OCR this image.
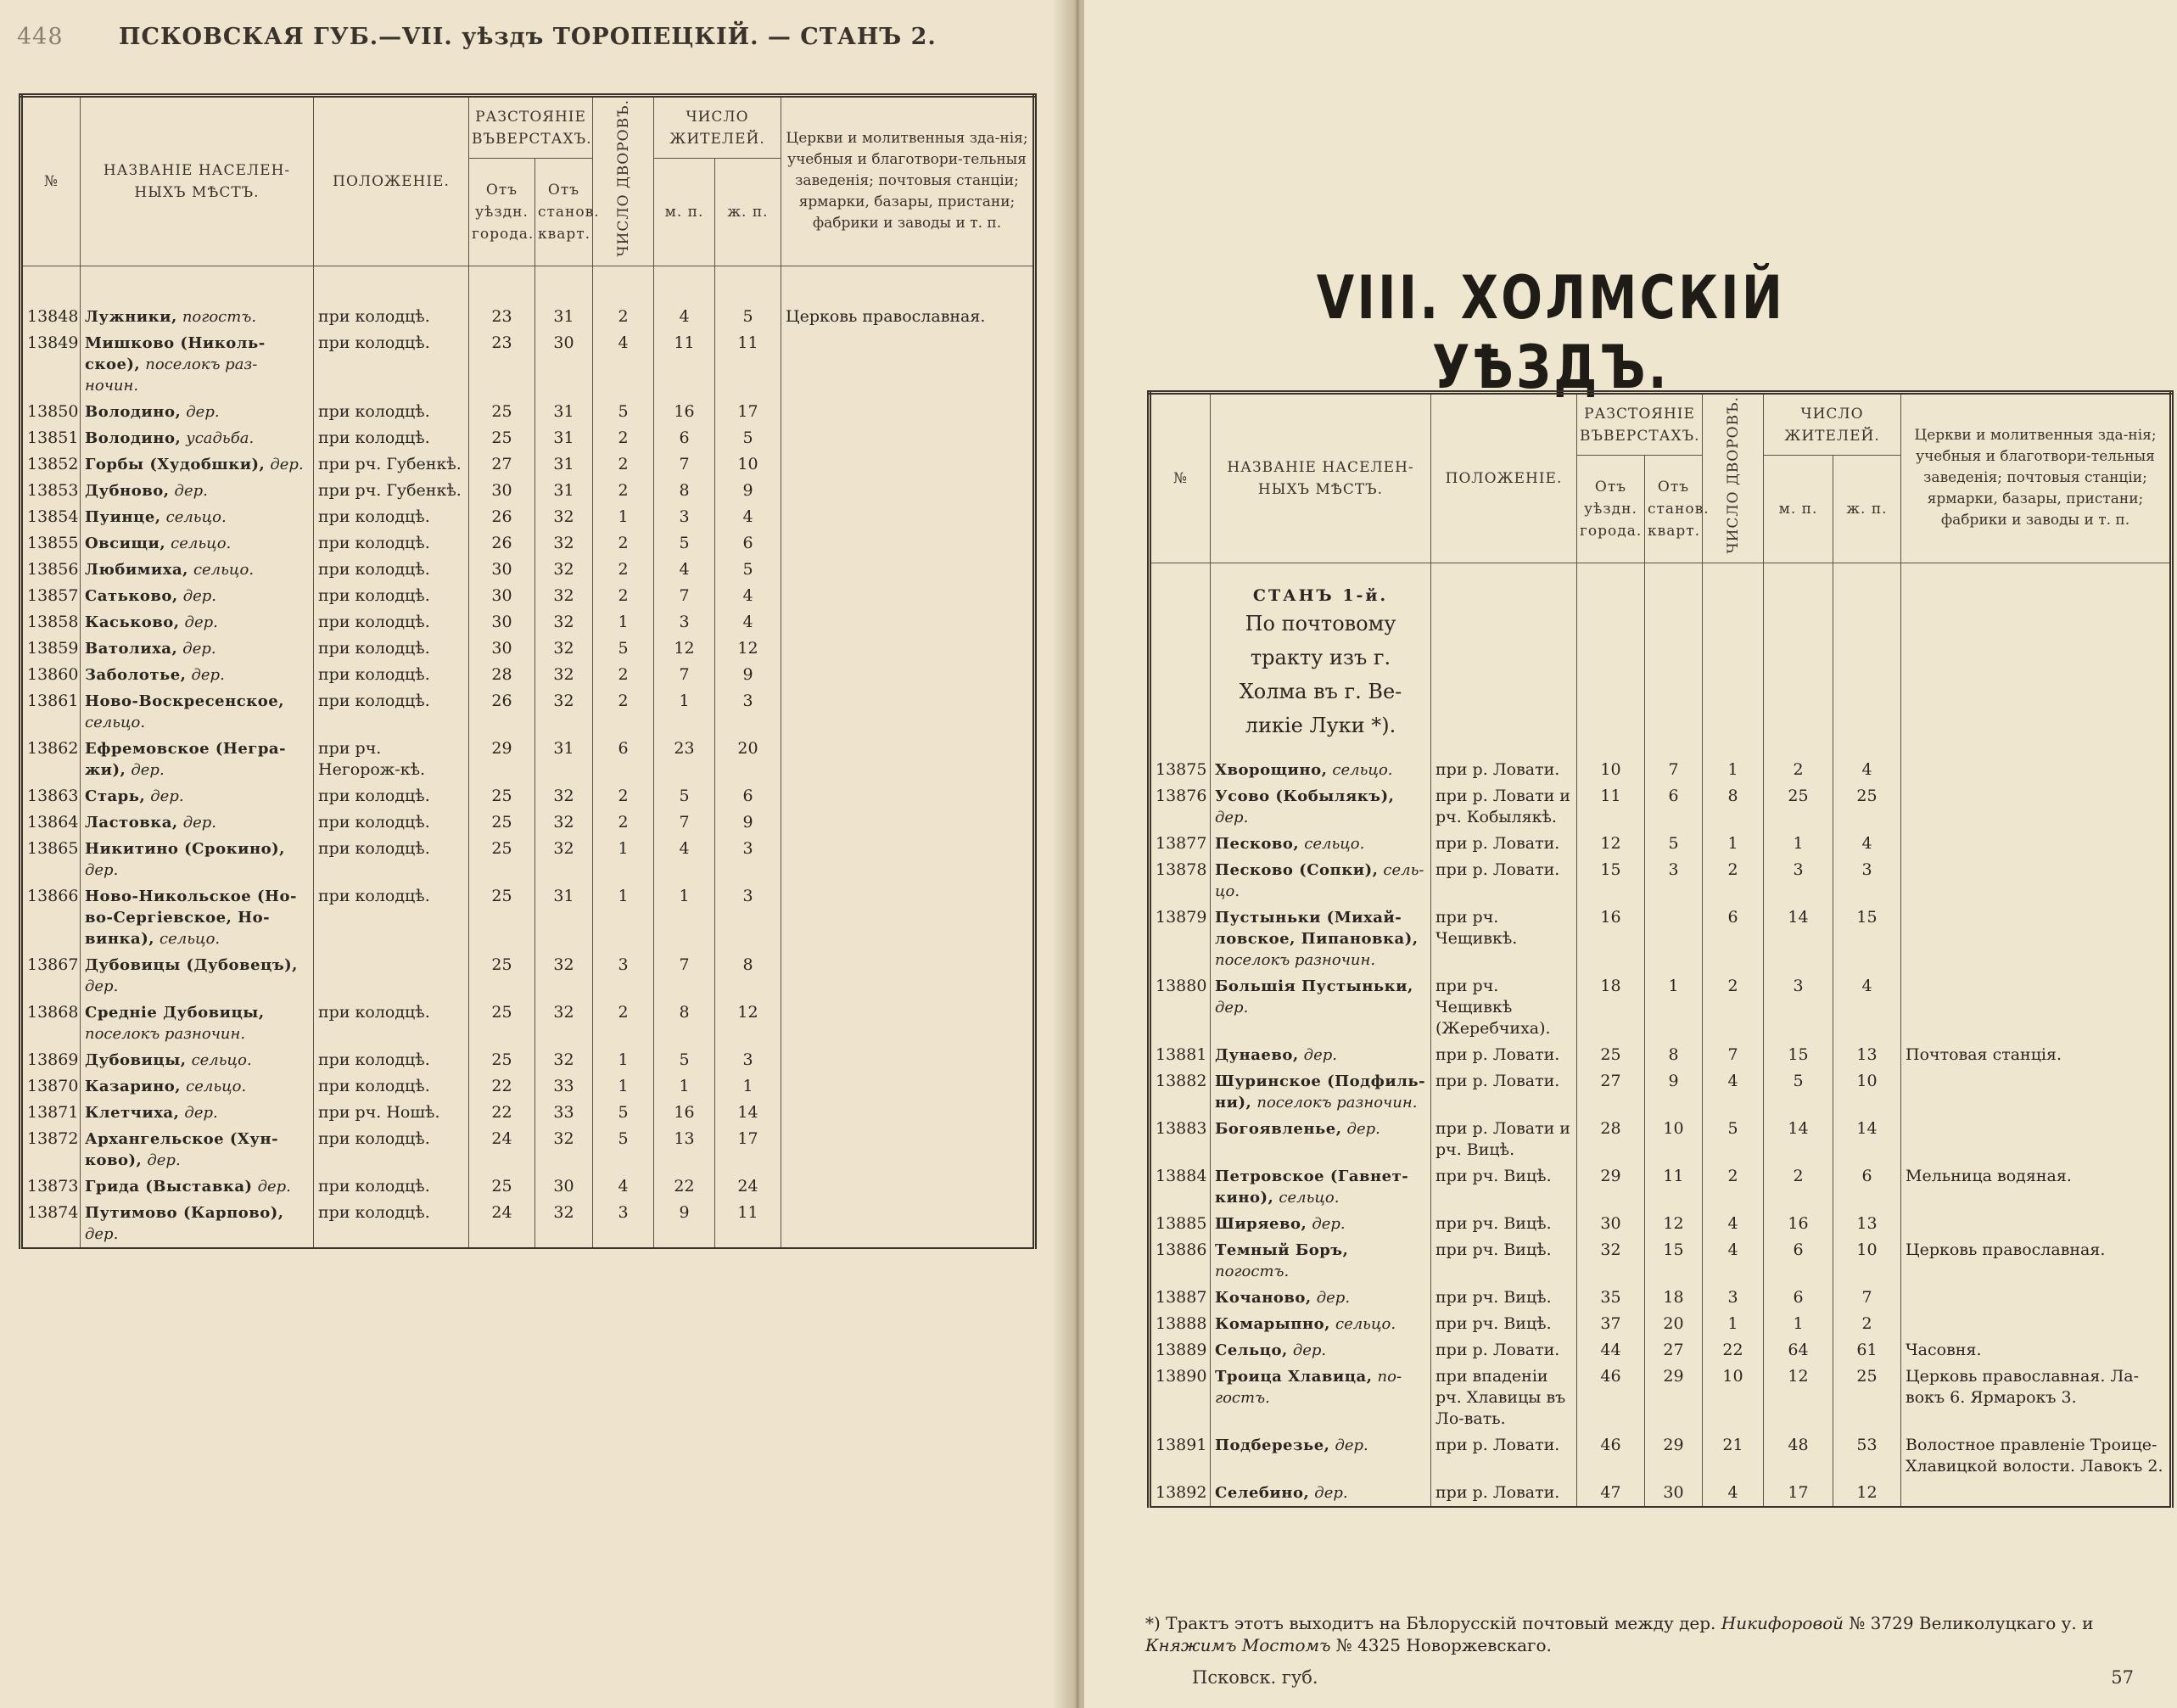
448	ПСКОВСКАЯ ГУБ.—VII. уѣздъ ТОРОПЕЦКІЙ. — СТАНЪ 2.
№	НАЗВАНІЕ НАСЕЛЕН-НЫХЪ МѢСТЪ.	ПОЛОЖЕНІЕ.	РАЗСТОЯНІЕ ВЪВЕРСТАХЪ.		ЧИСЛО ДВОРОВЪ.	ЧИСЛО ЖИТЕЛЕЙ.		Церкви и молитвенныя зда-нія; учебныя и благотвори-тельныя заведенія; почтовыя станціи; ярмарки, базары, пристани; фабрики и заводы и т. п.
			Отъ уѣздн. города.	Отъ станов. кварт.		м. п.	ж. п.	

13848	Лужники, погостъ.	при колодцѣ.	23	31	2	4	5	Церковь православная.
13849	Мишково (Николь-ское), поселокъ раз-ночин.	при колодцѣ.	23	30	4	11	11	
13850	Володино, дер.	при колодцѣ.	25	31	5	16	17	
13851	Володино, усадьба.	при колодцѣ.	25	31	2	6	5	
13852	Горбы (Худобшки), дер.	при рч. Губенкѣ.	27	31	2	7	10	
13853	Дубново, дер.	при рч. Губенкѣ.	30	31	2	8	9	
13854	Пуинце, сельцо.	при колодцѣ.	26	32	1	3	4	
13855	Овсищи, сельцо.	при колодцѣ.	26	32	2	5	6	
13856	Любимиха, сельцо.	при колодцѣ.	30	32	2	4	5	
13857	Сатьково, дер.	при колодцѣ.	30	32	2	7	4	
13858	Каськово, дер.	при колодцѣ.	30	32	1	3	4	
13859	Ватолиха, дер.	при колодцѣ.	30	32	5	12	12	
13860	Заболотье, дер.	при колодцѣ.	28	32	2	7	9	
13861	Ново-Воскресенское, сельцо.	при колодцѣ.	26	32	2	1	3	
13862	Ефремовское (Негра-жи), дер.	при рч. Негорож-кѣ.	29	31	6	23	20	
13863	Старь, дер.	при колодцѣ.	25	32	2	5	6	
13864	Ластовка, дер.	при колодцѣ.	25	32	2	7	9	
13865	Никитино (Срокино), дер.	при колодцѣ.	25	32	1	4	3	
13866	Ново-Никольское (Но-во-Сергіевское, Но-винка), сельцо.	при колодцѣ.	25	31	1	1	3	
13867	Дубовицы (Дубовецъ), дер.		25	32	3	7	8	
13868	Средніе Дубовицы, поселокъ разночин.	при колодцѣ.	25	32	2	8	12	
13869	Дубовицы, сельцо.	при колодцѣ.	25	32	1	5	3	
13870	Казарино, сельцо.	при колодцѣ.	22	33	1	1	1	
13871	Клетчиха, дер.	при рч. Ношѣ.	22	33	5	16	14	
13872	Архангельское (Хун-ково), дер.	при колодцѣ.	24	32	5	13	17	
13873	Грида (Выставка) дер.	при колодцѣ.	25	30	4	22	24	
13874	Путимово (Карпово), дер.	при колодцѣ.	24	32	3	9	11	
VIII. ХОЛМСКІЙ УѢЗДЪ.
№	НАЗВАНІЕ НАСЕЛЕН-НЫХЪ МѢСТЪ.	ПОЛОЖЕНІЕ.	РАЗСТОЯНІЕ ВЪВЕРСТАХЪ.		ЧИСЛО ДВОРОВЪ.	ЧИСЛО ЖИТЕЛЕЙ.		Церкви и молитвенныя зда-нія; учебныя и благотвори-тельныя заведенія; почтовыя станціи; ярмарки, базары, пристани; фабрики и заводы и т. п.
			Отъ уѣздн. города.	Отъ станов. кварт.		м. п.	ж. п.	

	СТАНЪ 1-й.
По почтовому тракту изъ г. Холма въ г. Ве-ликіе Луки *).							

13875	Хворощино, сельцо.	при р. Ловати.	10	7	1	2	4	
13876	Усово (Кобылякъ), дер.	при р. Ловати и рч. Кобылякѣ.	11	6	8	25	25	
13877	Песково, сельцо.	при р. Ловати.	12	5	1	1	4	
13878	Песково (Сопки), сель-цо.	при р. Ловати.	15	3	2	3	3	
13879	Пустыньки (Михай-ловское, Пипановка), поселокъ разночин.	при рч. Чещивкѣ.	16		6	14	15	
13880	Большія Пустыньки, дер.	при рч. Чещивкѣ (Жеребчиха).	18	1	2	3	4	
13881	Дунаево, дер.	при р. Ловати.	25	8	7	15	13	Почтовая станція.
13882	Шуринское (Подфиль-ни), поселокъ разночин.	при р. Ловати.	27	9	4	5	10	
13883	Богоявленье, дер.	при р. Ловати и рч. Вицѣ.	28	10	5	14	14	
13884	Петровское (Гавнет-кино), сельцо.	при рч. Вицѣ.	29	11	2	2	6	Мельница водяная.
13885	Ширяево, дер.	при рч. Вицѣ.	30	12	4	16	13	
13886	Темный Боръ, погостъ.	при рч. Вицѣ.	32	15	4	6	10	Церковь православная.
13887	Кочаново, дер.	при рч. Вицѣ.	35	18	3	6	7	
13888	Комарыпно, сельцо.	при рч. Вицѣ.	37	20	1	1	2	
13889	Сельцо, дер.	при р. Ловати.	44	27	22	64	61	Часовня.
13890	Троица Хлавица, по-гостъ.	при впаденіи рч. Хлавицы въ Ло-вать.	46	29	10	12	25	Церковь православная. Ла-вокъ 6. Ярмарокъ 3.
13891	Подберезье, дер.	при р. Ловати.	46	29	21	48	53	Волостное правленіе Троице-Хлавицкой волости. Лавокъ 2.
13892	Селебино, дер.	при р. Ловати.	47	30	4	17	12	
*) Трактъ этотъ выходитъ на Бѣлорусскій почтовый между дер. Никифоровой № 3729 Великолуцкаго у. и Княжимъ Мостомъ № 4325 Новоржевскаго.
Псковск. губ.	57
